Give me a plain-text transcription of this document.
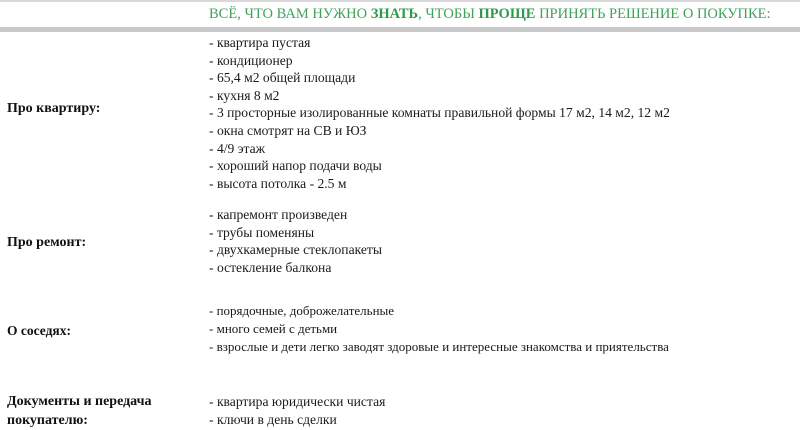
ВСЁ, ЧТО ВАМ НУЖНО ЗНАТЬ, ЧТОБЫ ПРОЩЕ ПРИНЯТЬ РЕШЕНИЕ О ПОКУПКЕ:
Про квартиру:
- квартира пустая
- кондиционер
- 65,4 м2 общей площади
- кухня 8 м2
- 3 просторные изолированные комнаты правильной формы 17 м2, 14 м2, 12 м2
- окна смотрят на СВ и ЮЗ
- 4/9 этаж
- хороший напор подачи воды
- высота потолка - 2.5 м
Про ремонт:
- капремонт произведен
- трубы поменяны
- двухкамерные стеклопакеты
- остекление балкона
О соседях:
- порядочные, доброжелательные
- много семей с детьми
- взрослые и дети легко заводят здоровые и интересные знакомства и приятельства
Документы и передача
покупателю:
- квартира юридически чистая
- ключи в день сделки
